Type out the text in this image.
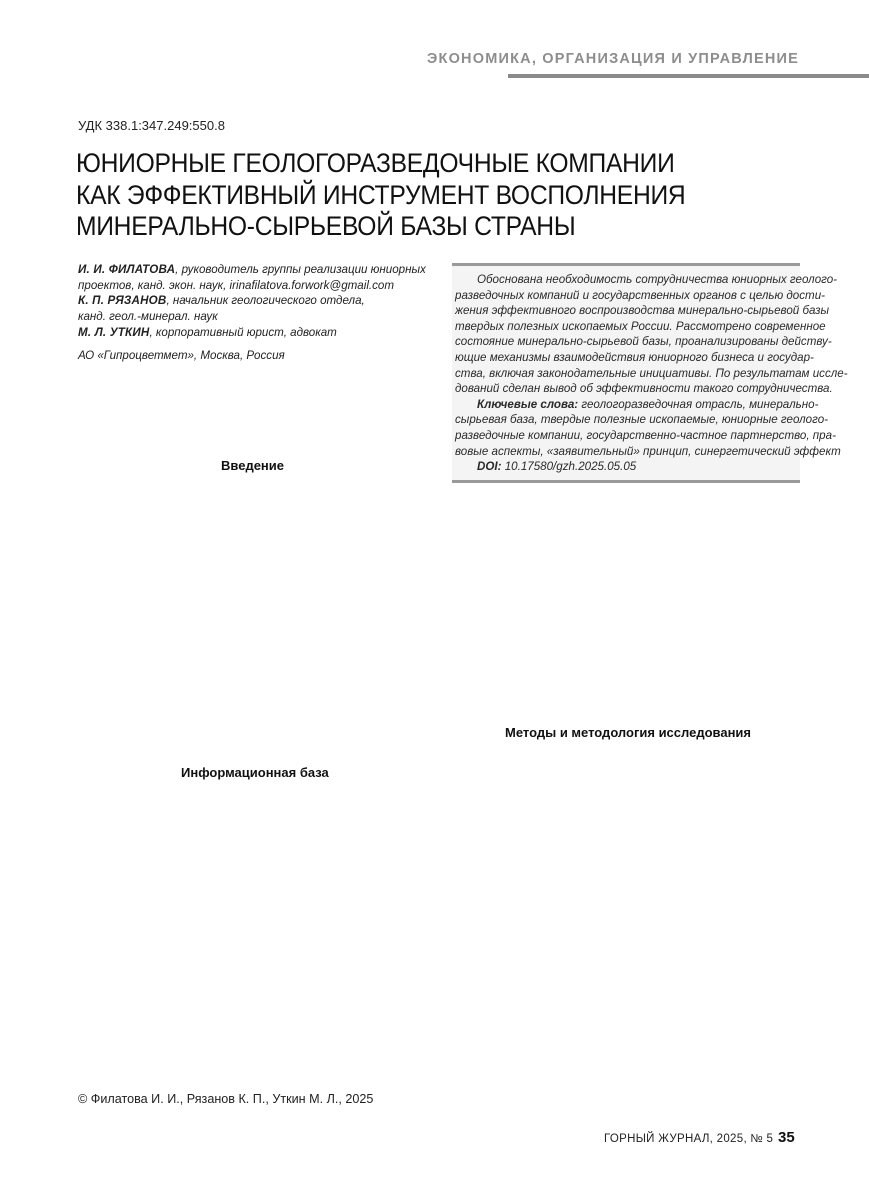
ЭКОНОМИКА, ОРГАНИЗАЦИЯ И УПРАВЛЕНИЕ
УДК 338.1:347.249:550.8
ЮНИОРНЫЕ ГЕОЛОГОРАЗВЕДОЧНЫЕ КОМПАНИИ
КАК ЭФФЕКТИВНЫЙ ИНСТРУМЕНТ ВОСПОЛНЕНИЯ
МИНЕРАЛЬНО-СЫРЬЕВОЙ БАЗЫ СТРАНЫ
И. И. ФИЛАТОВА, руководитель группы реализации юниорных
проектов, канд. экон. наук, irinafilatova.forwork@gmail.com
К. П. РЯЗАНОВ, начальник геологического отдела,
канд. геол.-минерал. наук
М. Л. УТКИН, корпоративный юрист, адвокат
АО «Гипроцветмет», Москва, Россия
Обоснована необходимость сотрудничества юниорных геолого-
разведочных компаний и государственных органов с целью дости-
жения эффективного воспроизводства минерально-сырьевой базы
твердых полезных ископаемых России. Рассмотрено современное
состояние минерально-сырьевой базы, проанализированы действу-
ющие механизмы взаимодействия юниорного бизнеса и государ-
ства, включая законодательные инициативы. По результатам иссле-
дований сделан вывод об эффективности такого сотрудничества.
Ключевые слова: геологоразведочная отрасль, минерально-
сырьевая база, твердые полезные ископаемые, юниорные геолого-
разведочные компании, государственно-частное партнерство, пра-
вовые аспекты, «заявительный» принцип, синергетический эффект
DOI: 10.17580/gzh.2025.05.05
Введение
Методы и методология исследования
Информационная база
© Филатова И. И., Рязанов К. П., Уткин М. Л., 2025
ГОРНЫЙ ЖУРНАЛ, 2025, № 5 35
